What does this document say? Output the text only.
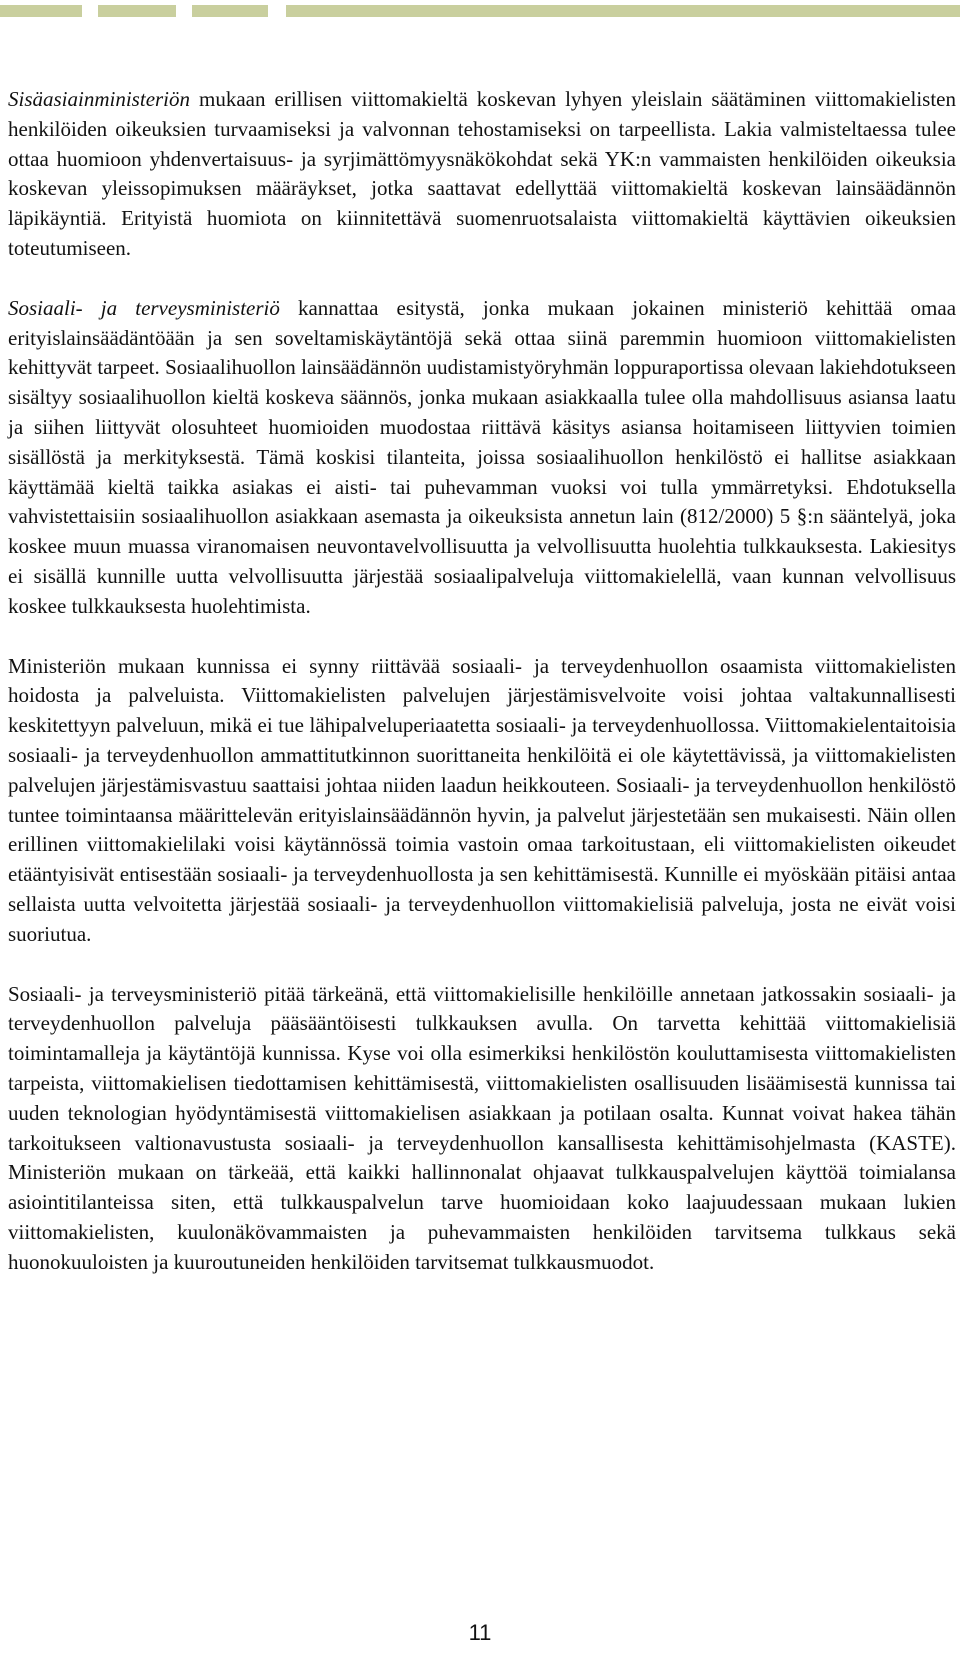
Sisäasiainministeriön mukaan erillisen viittomakieltä koskevan lyhyen yleislain säätäminen viittomakielisten henkilöiden oikeuksien turvaamiseksi ja valvonnan tehostamiseksi on tarpeellista. Lakia valmisteltaessa tulee ottaa huomioon yhdenvertaisuus- ja syrjimättömyysnäkökohdat sekä YK:n vammaisten henkilöiden oikeuksia koskevan yleissopimuksen määräykset, jotka saattavat edellyttää viittomakieltä koskevan lainsäädännön läpikäyntiä. Erityistä huomiota on kiinnitettävä suomenruotsalaista viittomakieltä käyttävien oikeuksien toteutumiseen.

Sosiaali- ja terveysministeriö kannattaa esitystä, jonka mukaan jokainen ministeriö kehittää omaa erityislainsäädäntöään ja sen soveltamiskäytäntöjä sekä ottaa siinä paremmin huomioon viittomakielisten kehittyvät tarpeet. Sosiaalihuollon lainsäädännön uudistamistyöryhmän loppuraportissa olevaan lakiehdotukseen sisältyy sosiaalihuollon kieltä koskeva säännös, jonka mukaan asiakkaalla tulee olla mahdollisuus asiansa laatu ja siihen liittyvät olosuhteet huomioiden muodostaa riittävä käsitys asiansa hoitamiseen liittyvien toimien sisällöstä ja merkityksestä. Tämä koskisi tilanteita, joissa sosiaalihuollon henkilöstö ei hallitse asiakkaan käyttämää kieltä taikka asiakas ei aisti- tai puhevamman vuoksi voi tulla ymmärretyksi. Ehdotuksella vahvistettaisiin sosiaalihuollon asiakkaan asemasta ja oikeuksista annetun lain (812/2000) 5 §:n sääntelyä, joka koskee muun muassa viranomaisen neuvontavelvollisuutta ja velvollisuutta huolehtia tulkkauksesta. Lakiesitys ei sisällä kunnille uutta velvollisuutta järjestää sosiaalipalveluja viittomakielellä, vaan kunnan velvollisuus koskee tulkkauksesta huolehtimista.

Ministeriön mukaan kunnissa ei synny riittävää sosiaali- ja terveydenhuollon osaamista viittomakielisten hoidosta ja palveluista. Viittomakielisten palvelujen järjestämisvelvoite voisi johtaa valtakunnallisesti keskitettyyn palveluun, mikä ei tue lähipalveluperiaatetta sosiaali- ja terveydenhuollossa. Viittomakielentaitoisia sosiaali- ja terveydenhuollon ammattitutkinnon suorittaneita henkilöitä ei ole käytettävissä, ja viittomakielisten palvelujen järjestämisvastuu saattaisi johtaa niiden laadun heikkouteen. Sosiaali- ja terveydenhuollon henkilöstö tuntee toimintaansa määrittelevän erityislainsäädännön hyvin, ja palvelut järjestetään sen mukaisesti. Näin ollen erillinen viittomakielilaki voisi käytännössä toimia vastoin omaa tarkoitustaan, eli viittomakielisten oikeudet etääntyisivät entisestään sosiaali- ja terveydenhuollosta ja sen kehittämisestä. Kunnille ei myöskään pitäisi antaa sellaista uutta velvoitetta järjestää sosiaali- ja terveydenhuollon viittomakielisiä palveluja, josta ne eivät voisi suoriutua.

Sosiaali- ja terveysministeriö pitää tärkeänä, että viittomakielisille henkilöille annetaan jatkossakin sosiaali- ja terveydenhuollon palveluja pääsääntöisesti tulkkauksen avulla. On tarvetta kehittää viittomakielisiä toimintamalleja ja käytäntöjä kunnissa. Kyse voi olla esimerkiksi henkilöstön kouluttamisesta viittomakielisten tarpeista, viittomakielisen tiedottamisen kehittämisestä, viittomakielisten osallisuuden lisäämisestä kunnissa tai uuden teknologian hyödyntämisestä viittomakielisen asiakkaan ja potilaan osalta. Kunnat voivat hakea tähän tarkoitukseen valtionavustusta sosiaali- ja terveydenhuollon kansallisesta kehittämisohjelmasta (KASTE). Ministeriön mukaan on tärkeää, että kaikki hallinnonalat ohjaavat tulkkauspalvelujen käyttöä toimialansa asiointitilanteissa siten, että tulkkauspalvelun tarve huomioidaan koko laajuudessaan mukaan lukien viittomakielisten, kuulonäkövammaisten ja puhevammaisten henkilöiden tarvitsema tulkkaus sekä huonokuuloisten ja kuuroutuneiden henkilöiden tarvitsemat tulkkausmuodot.

11
